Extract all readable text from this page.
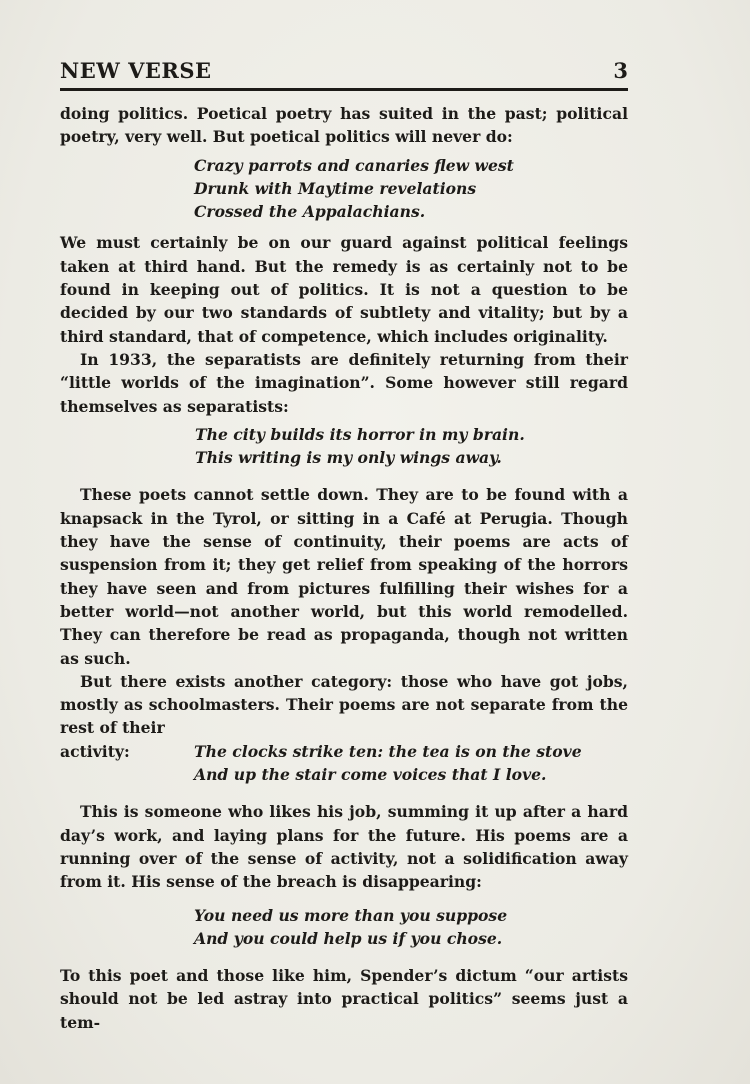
NEW VERSE	3

doing politics. Poetical poetry has suited in the past; political poetry, very well. But poetical politics will never do:

Crazy parrots and canaries flew west
Drunk with Maytime revelations
Crossed the Appalachians.

We must certainly be on our guard against political feelings taken at third hand. But the remedy is as certainly not to be found in keeping out of politics. It is not a question to be decided by our two standards of subtlety and vitality; but by a third standard, that of competence, which includes originality.

In 1933, the separatists are definitely returning from their “little worlds of the imagination”. Some however still regard themselves as separatists:

The city builds its horror in my brain.
This writing is my only wings away.

These poets cannot settle down. They are to be found with a knapsack in the Tyrol, or sitting in a Café at Perugia. Though they have the sense of continuity, their poems are acts of suspension from it; they get relief from speaking of the horrors they have seen and from pictures fulfilling their wishes for a better world—not another world, but this world remodelled. They can therefore be read as propaganda, though not written as such.

But there exists another category: those who have got jobs, mostly as schoolmasters. Their poems are not separate from the rest of their

activity:	The clocks strike ten: the tea is on the stove
And up the stair come voices that I love.

This is someone who likes his job, summing it up after a hard day’s work, and laying plans for the future. His poems are a running over of the sense of activity, not a solidification away from it. His sense of the breach is disappearing:

You need us more than you suppose
And you could help us if you chose.

To this poet and those like him, Spender’s dictum “our artists should not be led astray into practical politics” seems just a tem-
